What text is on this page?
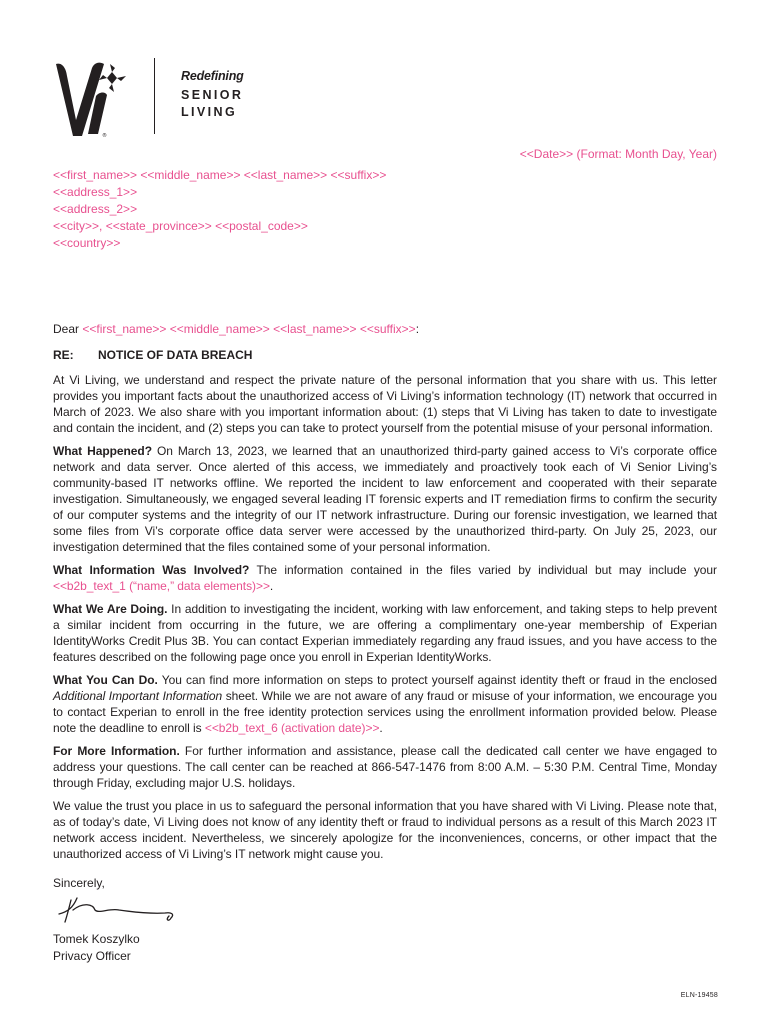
®
Redefining
SENIOR
LIVING
<<Date>> (Format: Month Day, Year)
<<first_name>> <<middle_name>> <<last_name>> <<suffix>>
<<address_1>>
<<address_2>>
<<city>>, <<state_province>> <<postal_code>>
<<country>>

Dear <<first_name>> <<middle_name>> <<last_name>> <<suffix>>:

RE: NOTICE OF DATA BREACH

At Vi Living, we understand and respect the private nature of the personal information that you share with us. This letter provides you important facts about the unauthorized access of Vi Living’s information technology (IT) network that occurred in March of 2023. We also share with you important information about: (1) steps that Vi Living has taken to date to investigate and contain the incident, and (2) steps you can take to protect yourself from the potential misuse of your personal information.

What Happened? On March 13, 2023, we learned that an unauthorized third-party gained access to Vi’s corporate office network and data server. Once alerted of this access, we immediately and proactively took each of Vi Senior Living’s community-based IT networks offline. We reported the incident to law enforcement and cooperated with their separate investigation. Simultaneously, we engaged several leading IT forensic experts and IT remediation firms to confirm the security of our computer systems and the integrity of our IT network infrastructure. During our forensic investigation, we learned that some files from Vi’s corporate office data server were accessed by the unauthorized third-party. On July 25, 2023, our investigation determined that the files contained some of your personal information.

What Information Was Involved? The information contained in the files varied by individual but may include your <<b2b_text_1 (“name,” data elements)>>.

What We Are Doing. In addition to investigating the incident, working with law enforcement, and taking steps to help prevent a similar incident from occurring in the future, we are offering a complimentary one-year membership of Experian IdentityWorks Credit Plus 3B. You can contact Experian immediately regarding any fraud issues, and you have access to the features described on the following page once you enroll in Experian IdentityWorks.

What You Can Do. You can find more information on steps to protect yourself against identity theft or fraud in the enclosed Additional Important Information sheet. While we are not aware of any fraud or misuse of your information, we encourage you to contact Experian to enroll in the free identity protection services using the enrollment information provided below. Please note the deadline to enroll is <<b2b_text_6 (activation date)>>.

For More Information. For further information and assistance, please call the dedicated call center we have engaged to address your questions. The call center can be reached at 866-547-1476 from 8:00 A.M. – 5:30 P.M. Central Time, Monday through Friday, excluding major U.S. holidays.

We value the trust you place in us to safeguard the personal information that you have shared with Vi Living. Please note that, as of today’s date, Vi Living does not know of any identity theft or fraud to individual persons as a result of this March 2023 IT network access incident. Nevertheless, we sincerely apologize for the inconveniences, concerns, or other impact that the unauthorized access of Vi Living’s IT network might cause you.

Sincerely,

Tomek Koszylko
Privacy Officer
ELN-19458
